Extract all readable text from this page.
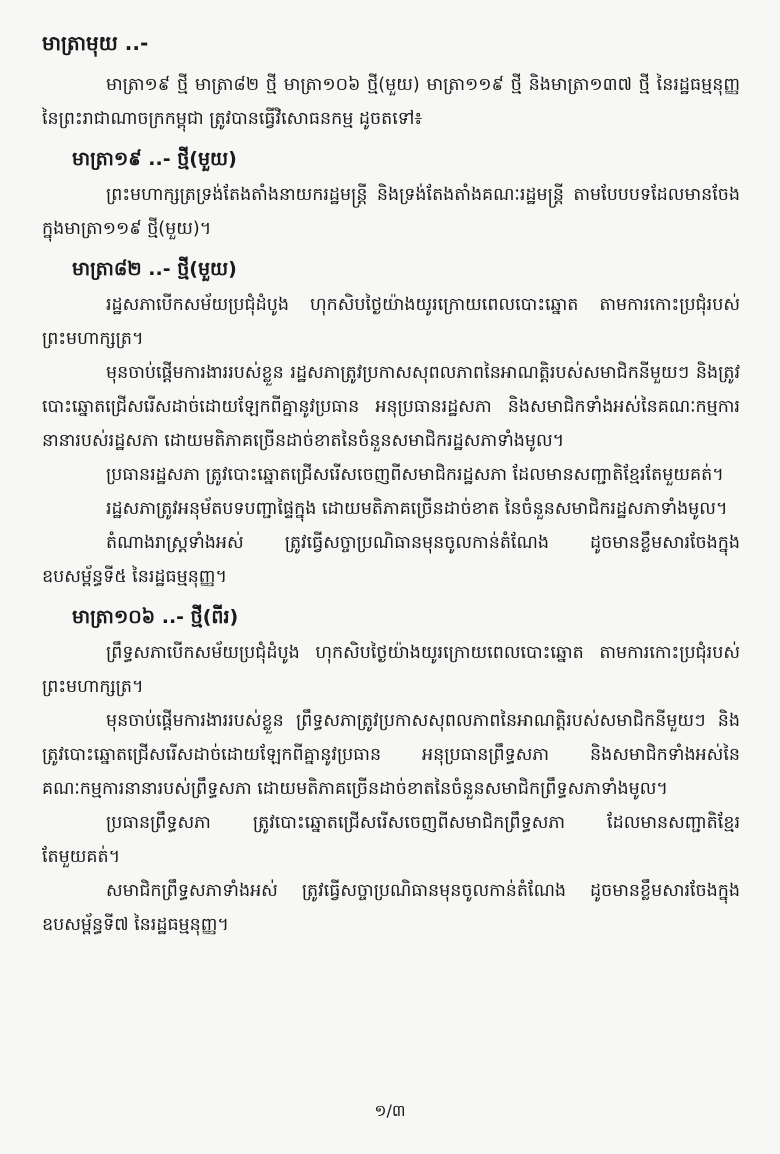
មាត្រាមុយ ..-

មាត្រា១៩ ថ្មី មាត្រា៨២ ថ្មី មាត្រា១០៦ ថ្មី(មួយ) មាត្រា១១៩ ថ្មី និងមាត្រា១៣៧ ថ្មី នៃរដ្ឋធម្មនុញ្ញនៃព្រះរាជាណាចក្រកម្ពុជា ត្រូវបានធ្វើវិសោធនកម្ម ដូចតទៅ៖

មាត្រា១៩ ..- ថ្មី(មួយ)

ព្រះមហាក្សត្រទ្រង់តែងតាំងនាយករដ្ឋមន្ត្រី និងទ្រង់តែងតាំងគណៈរដ្ឋមន្ត្រី តាមបែបបទដែលមានចែងក្នុងមាត្រា១១៩ ថ្មី(មួយ)។

មាត្រា៨២ ..- ថ្មី(មួយ)

រដ្ឋសភាបើកសម័យប្រជុំដំបូង ហុកសិបថ្ងៃយ៉ាងយូរក្រោយពេលបោះឆ្នោត តាមការកោះប្រជុំរបស់ព្រះមហាក្សត្រ។

មុនចាប់ផ្ដើមការងាររបស់ខ្លួន រដ្ឋសភាត្រូវប្រកាសសុពលភាពនៃអាណត្តិរបស់សមាជិកនីមួយៗ និងត្រូវបោះឆ្នោតជ្រើសរើសដាច់ដោយឡែកពីគ្នានូវប្រធាន អនុប្រធានរដ្ឋសភា និងសមាជិកទាំងអស់នៃគណៈកម្មការនានារបស់រដ្ឋសភា ដោយមតិភាគច្រើនដាច់ខាតនៃចំនួនសមាជិករដ្ឋសភាទាំងមូល។

ប្រធានរដ្ឋសភា ត្រូវបោះឆ្នោតជ្រើសរើសចេញពីសមាជិករដ្ឋសភា ដែលមានសញ្ជាតិខ្មែរតែមួយគត់។

រដ្ឋសភាត្រូវអនុម័តបទបញ្ជាផ្ទៃក្នុង ដោយមតិភាគច្រើនដាច់ខាត នៃចំនួនសមាជិករដ្ឋសភាទាំងមូល។

តំណាងរាស្ត្រទាំងអស់ ត្រូវធ្វើសច្ចាប្រណិធានមុនចូលកាន់តំណែង ដូចមានខ្លឹមសារចែងក្នុងឧបសម្ព័ន្ធទី៥ នៃរដ្ឋធម្មនុញ្ញ។

មាត្រា១០៦ ..- ថ្មី(ពីរ)

ព្រឹទ្ធសភាបើកសម័យប្រជុំដំបូង ហុកសិបថ្ងៃយ៉ាងយូរក្រោយពេលបោះឆ្នោត តាមការកោះប្រជុំរបស់ព្រះមហាក្សត្រ។

មុនចាប់ផ្ដើមការងាររបស់ខ្លួន ព្រឹទ្ធសភាត្រូវប្រកាសសុពលភាពនៃអាណត្តិរបស់សមាជិកនីមួយៗ និងត្រូវបោះឆ្នោតជ្រើសរើសដាច់ដោយឡែកពីគ្នានូវប្រធាន អនុប្រធានព្រឹទ្ធសភា និងសមាជិកទាំងអស់នៃគណៈកម្មការនានារបស់ព្រឹទ្ធសភា ដោយមតិភាគច្រើនដាច់ខាតនៃចំនួនសមាជិកព្រឹទ្ធសភាទាំងមូល។

ប្រធានព្រឹទ្ធសភា ត្រូវបោះឆ្នោតជ្រើសរើសចេញពីសមាជិកព្រឹទ្ធសភា ដែលមានសញ្ជាតិខ្មែរតែមួយគត់។

សមាជិកព្រឹទ្ធសភាទាំងអស់ ត្រូវធ្វើសច្ចាប្រណិធានមុនចូលកាន់តំណែង ដូចមានខ្លឹមសារចែងក្នុងឧបសម្ព័ន្ធទី៧ នៃរដ្ឋធម្មនុញ្ញ។

១/៣
